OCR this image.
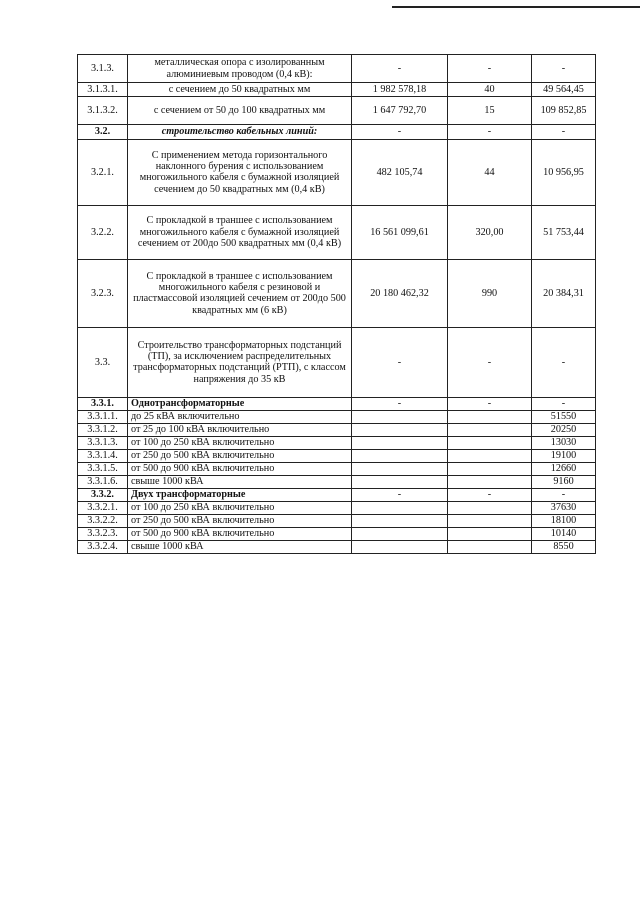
3.1.3.	металлическая опора с изолированным алюминиевым проводом (0,4 кВ):	-	-	-
3.1.3.1.	с сечением до 50 квадратных мм	1 982 578,18	40	49 564,45
3.1.3.2.	с сечением от 50 до 100 квадратных мм	1 647 792,70	15	109 852,85
3.2.	строительство кабельных линий:	-	-	-
3.2.1.	С применением метода горизонтального наклонного бурения с использованием многожильного кабеля с бумажной изоляцией сечением до 50 квадратных мм (0,4 кВ)	482 105,74	44	10 956,95
3.2.2.	С прокладкой в траншее с использованием многожильного кабеля с бумажной изоляцией сечением от 200до 500 квадратных мм (0,4 кВ)	16 561 099,61	320,00	51 753,44
3.2.3.	С прокладкой в траншее с использованием многожильного кабеля с резиновой и пластмассовой изоляцией сечением от 200до 500 квадратных мм (6 кВ)	20 180 462,32	990	20 384,31
3.3.	Строительство трансформаторных подстанций (ТП), за исключением распределительных трансформаторных подстанций (РТП), с классом напряжения до 35 кВ	-	-	-
3.3.1.	Однотрансформаторные	-	-	-
3.3.1.1.	до 25 кВА включительно			51550
3.3.1.2.	от 25 до 100 кВА включительно			20250
3.3.1.3.	от 100 до 250 кВА включительно			13030
3.3.1.4.	от 250 до 500 кВА включительно			19100
3.3.1.5.	от 500 до 900 кВА включительно			12660
3.3.1.6.	свыше 1000 кВА			9160
3.3.2.	Двух трансформаторные	-	-	-
3.3.2.1.	от 100 до 250 кВА включительно			37630
3.3.2.2.	от 250 до 500 кВА включительно			18100
3.3.2.3.	от 500 до 900 кВА включительно			10140
3.3.2.4.	свыше 1000 кВА			8550
